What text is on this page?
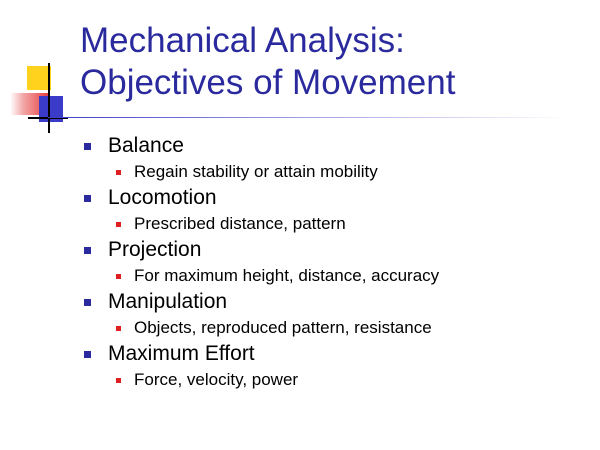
Mechanical Analysis:
Objectives of Movement
Balance
Regain stability or attain mobility
Locomotion
Prescribed distance, pattern
Projection
For maximum height, distance, accuracy
Manipulation
Objects, reproduced pattern, resistance
Maximum Effort
Force, velocity, power
